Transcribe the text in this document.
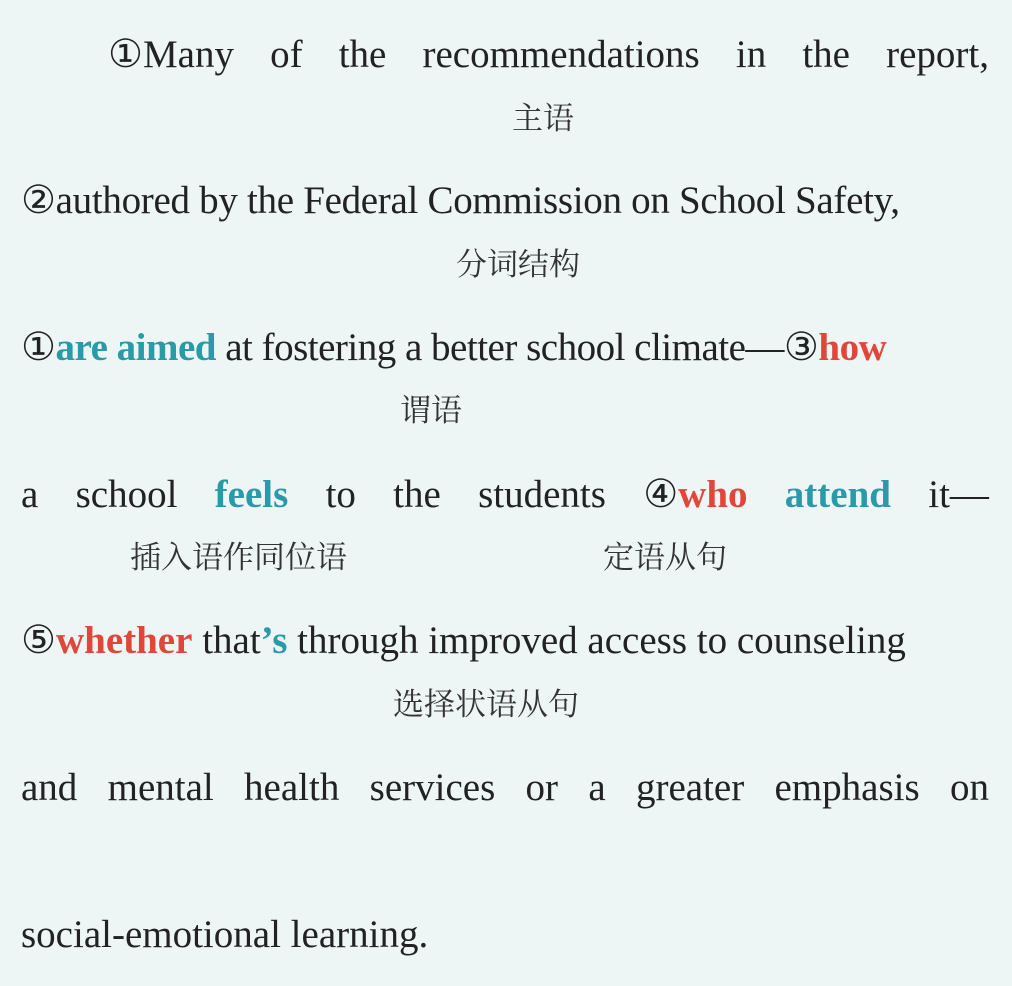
①Many of the recommendations in the report,
主语
②authored by the Federal Commission on School Safety,
分词结构
①are aimed at fostering a better school climate—③how
谓语
a school feels to the students ④who attend it—
插入语作同位语	定语从句
⑤whether that’s through improved access to counseling
选择状语从句
and mental health services or a greater emphasis on
social-emotional learning.
